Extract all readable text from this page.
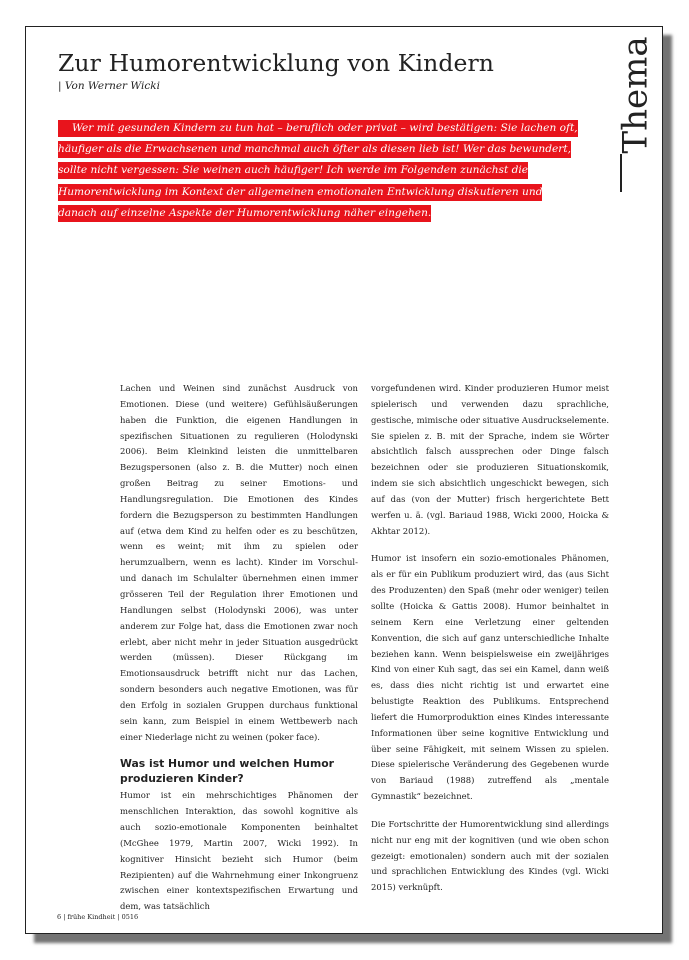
Zur Humorentwicklung von Kindern
| Von Werner Wicki	Thema

Wer mit gesunden Kindern zu tun hat – beruflich oder privat – wird bestätigen: Sie lachen oft, häufiger als die Erwachsenen und manchmal auch öfter als diesen lieb ist! Wer das bewundert, sollte nicht vergessen: Sie weinen auch häufiger! Ich werde im Folgenden zunächst die Humorentwicklung im Kontext der allgemeinen emotionalen Entwicklung diskutieren und danach auf einzelne Aspekte der Humorentwicklung näher eingehen.

Lachen und Weinen sind zunächst Ausdruck von Emotionen. Diese (und weitere) Gefühlsäußerungen haben die Funktion, die eigenen Handlungen in spezifischen Situationen zu regulieren (Holodynski 2006). Beim Kleinkind leisten die unmittelbaren Bezugspersonen (also z. B. die Mutter) noch einen großen Beitrag zu seiner Emotions- und Handlungsregulation. Die Emotionen des Kindes fordern die Bezugsperson zu bestimmten Handlungen auf (etwa dem Kind zu helfen oder es zu beschützen, wenn es weint; mit ihm zu spielen oder herumzualbern, wenn es lacht). Kinder im Vorschul- und danach im Schulalter übernehmen einen immer grösseren Teil der Regulation ihrer Emotionen und Handlungen selbst (Holodynski 2006), was unter anderem zur Folge hat, dass die Emotionen zwar noch erlebt, aber nicht mehr in jeder Situation ausgedrückt werden (müssen). Dieser Rückgang im Emotionsausdruck betrifft nicht nur das Lachen, sondern besonders auch negative Emotionen, was für den Erfolg in sozialen Gruppen durchaus funktional sein kann, zum Beispiel in einem Wettbewerb nach einer Niederlage nicht zu weinen (poker face).

Was ist Humor und welchen Humor produzieren Kinder?

Humor ist ein mehrschichtiges Phänomen der menschlichen Interaktion, das sowohl kognitive als auch sozio-emotionale Komponenten beinhaltet (McGhee 1979, Martin 2007, Wicki 1992). In kognitiver Hinsicht bezieht sich Humor (beim Rezipienten) auf die Wahrnehmung einer Inkongruenz zwischen einer kontextspezifischen Erwartung und dem, was tatsächlich

vorgefundenen wird. Kinder produzieren Humor meist spielerisch und verwenden dazu sprachliche, gestische, mimische oder situative Ausdruckselemente. Sie spielen z. B. mit der Sprache, indem sie Wörter absichtlich falsch aussprechen oder Dinge falsch bezeichnen oder sie produzieren Situationskomik, indem sie sich absichtlich ungeschickt bewegen, sich auf das (von der Mutter) frisch hergerichtete Bett werfen u. ä. (vgl. Bariaud 1988, Wicki 2000, Hoicka & Akhtar 2012).

Humor ist insofern ein sozio-emotionales Phänomen, als er für ein Publikum produziert wird, das (aus Sicht des Produzenten) den Spaß (mehr oder weniger) teilen sollte (Hoicka & Gattis 2008). Humor beinhaltet in seinem Kern eine Verletzung einer geltenden Konvention, die sich auf ganz unterschiedliche Inhalte beziehen kann. Wenn beispielsweise ein zweijähriges Kind von einer Kuh sagt, das sei ein Kamel, dann weiß es, dass dies nicht richtig ist und erwartet eine belustigte Reaktion des Publikums. Entsprechend liefert die Humorproduktion eines Kindes interessante Informationen über seine kognitive Entwicklung und über seine Fähigkeit, mit seinem Wissen zu spielen. Diese spielerische Veränderung des Gegebenen wurde von Bariaud (1988) zutreffend als „mentale Gymnastik“ bezeichnet.

Die Fortschritte der Humorentwicklung sind allerdings nicht nur eng mit der kognitiven (und wie oben schon gezeigt: emotionalen) sondern auch mit der sozialen und sprachlichen Entwicklung des Kindes (vgl. Wicki 2015) verknüpft.

6 | frühe Kindheit | 0516
